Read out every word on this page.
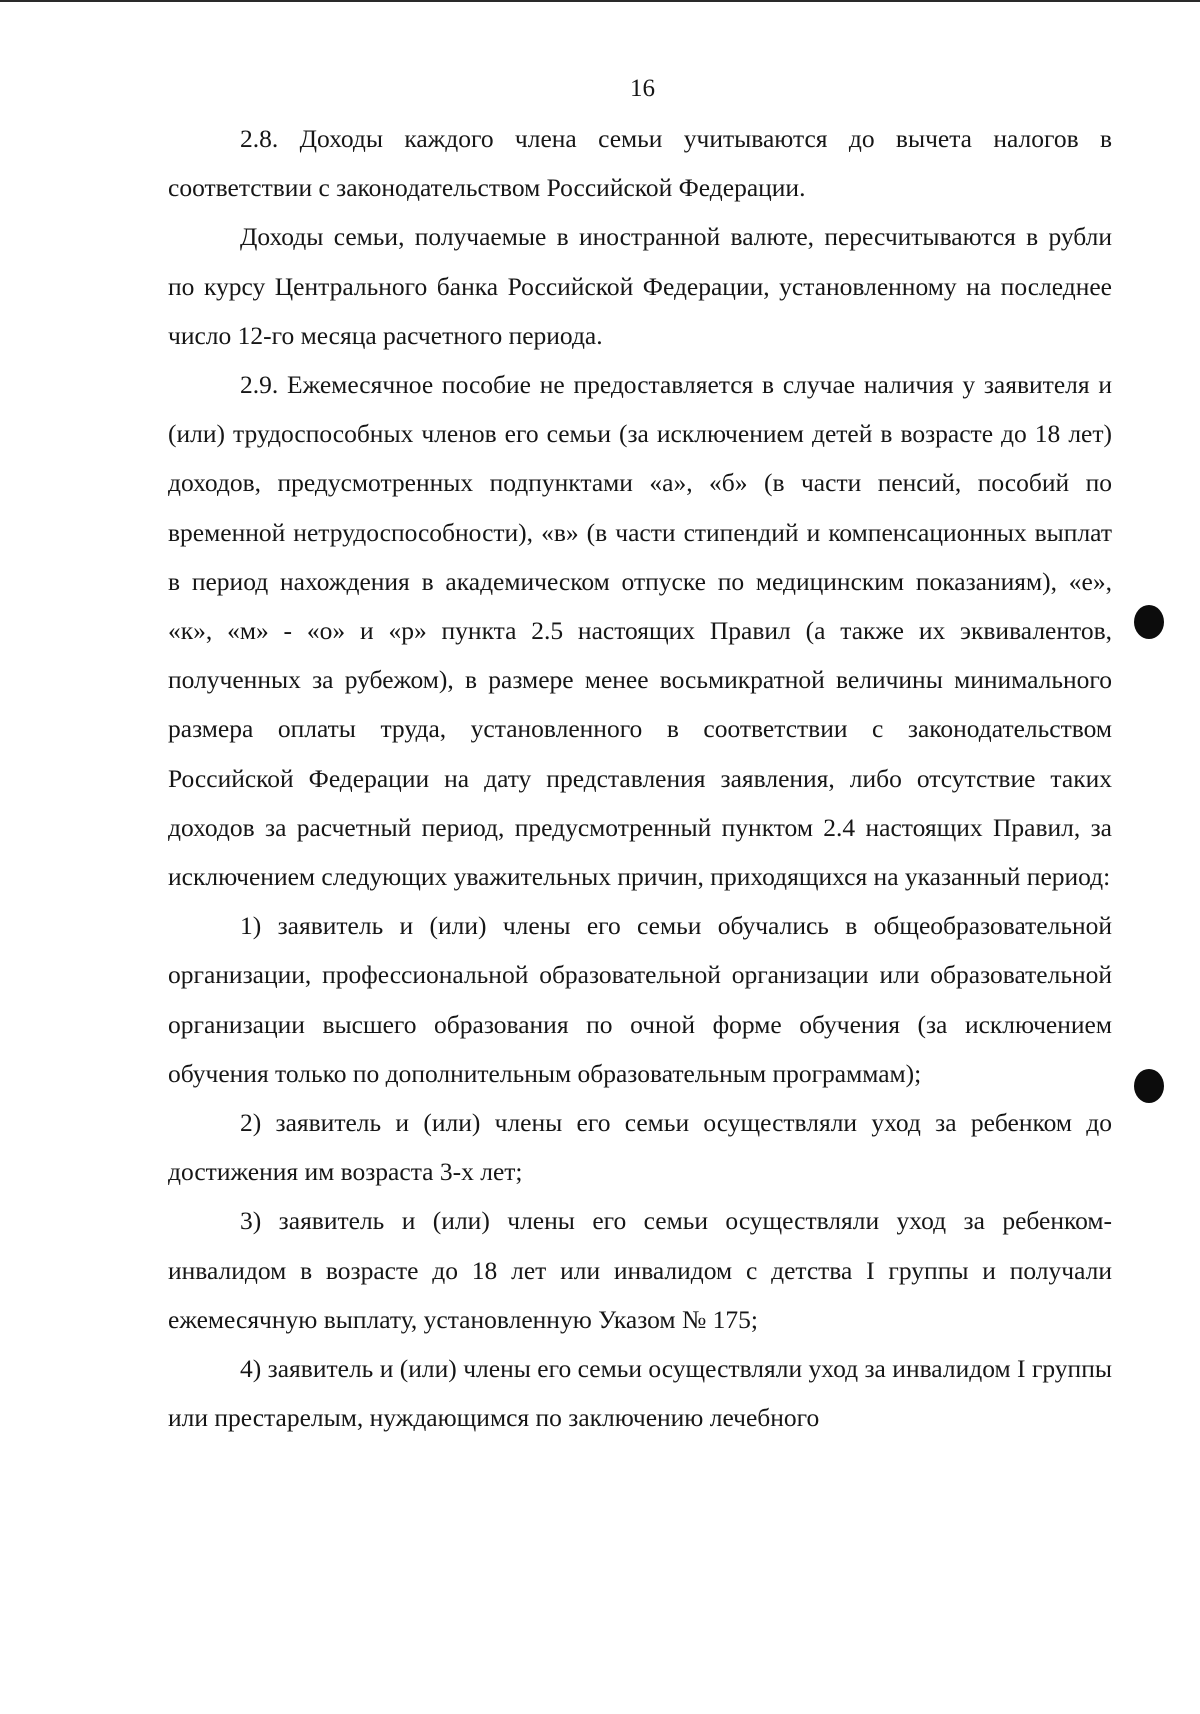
16

2.8. Доходы каждого члена семьи учитываются до вычета налогов в соответствии с законодательством Российской Федерации.

Доходы семьи, получаемые в иностранной валюте, пересчитываются в рубли по курсу Центрального банка Российской Федерации, установленному на последнее число 12-го месяца расчетного периода.

2.9. Ежемесячное пособие не предоставляется в случае наличия у заявителя и (или) трудоспособных членов его семьи (за исключением детей в возрасте до 18 лет) доходов, предусмотренных подпунктами «а», «б» (в части пенсий, пособий по временной нетрудоспособности), «в» (в части стипендий и компенсационных выплат в период нахождения в академическом отпуске по медицинским показаниям), «е», «к», «м» - «о» и «р» пункта 2.5 настоящих Правил (а также их эквивалентов, полученных за рубежом), в размере менее восьмикратной величины минимального размера оплаты труда, установленного в соответствии с законодательством Российской Федерации на дату представления заявления, либо отсутствие таких доходов за расчетный период, предусмотренный пунктом 2.4 настоящих Правил, за исключением следующих уважительных причин, приходящихся на указанный период:

1) заявитель и (или) члены его семьи обучались в общеобразовательной организации, профессиональной образовательной организации или образовательной организации высшего образования по очной форме обучения (за исключением обучения только по дополнительным образовательным программам);

2) заявитель и (или) члены его семьи осуществляли уход за ребенком до достижения им возраста 3-х лет;

3) заявитель и (или) члены его семьи осуществляли уход за ребенком-инвалидом в возрасте до 18 лет или инвалидом с детства I группы и получали ежемесячную выплату, установленную Указом № 175;

4) заявитель и (или) члены его семьи осуществляли уход за инвалидом I группы или престарелым, нуждающимся по заключению лечебного
